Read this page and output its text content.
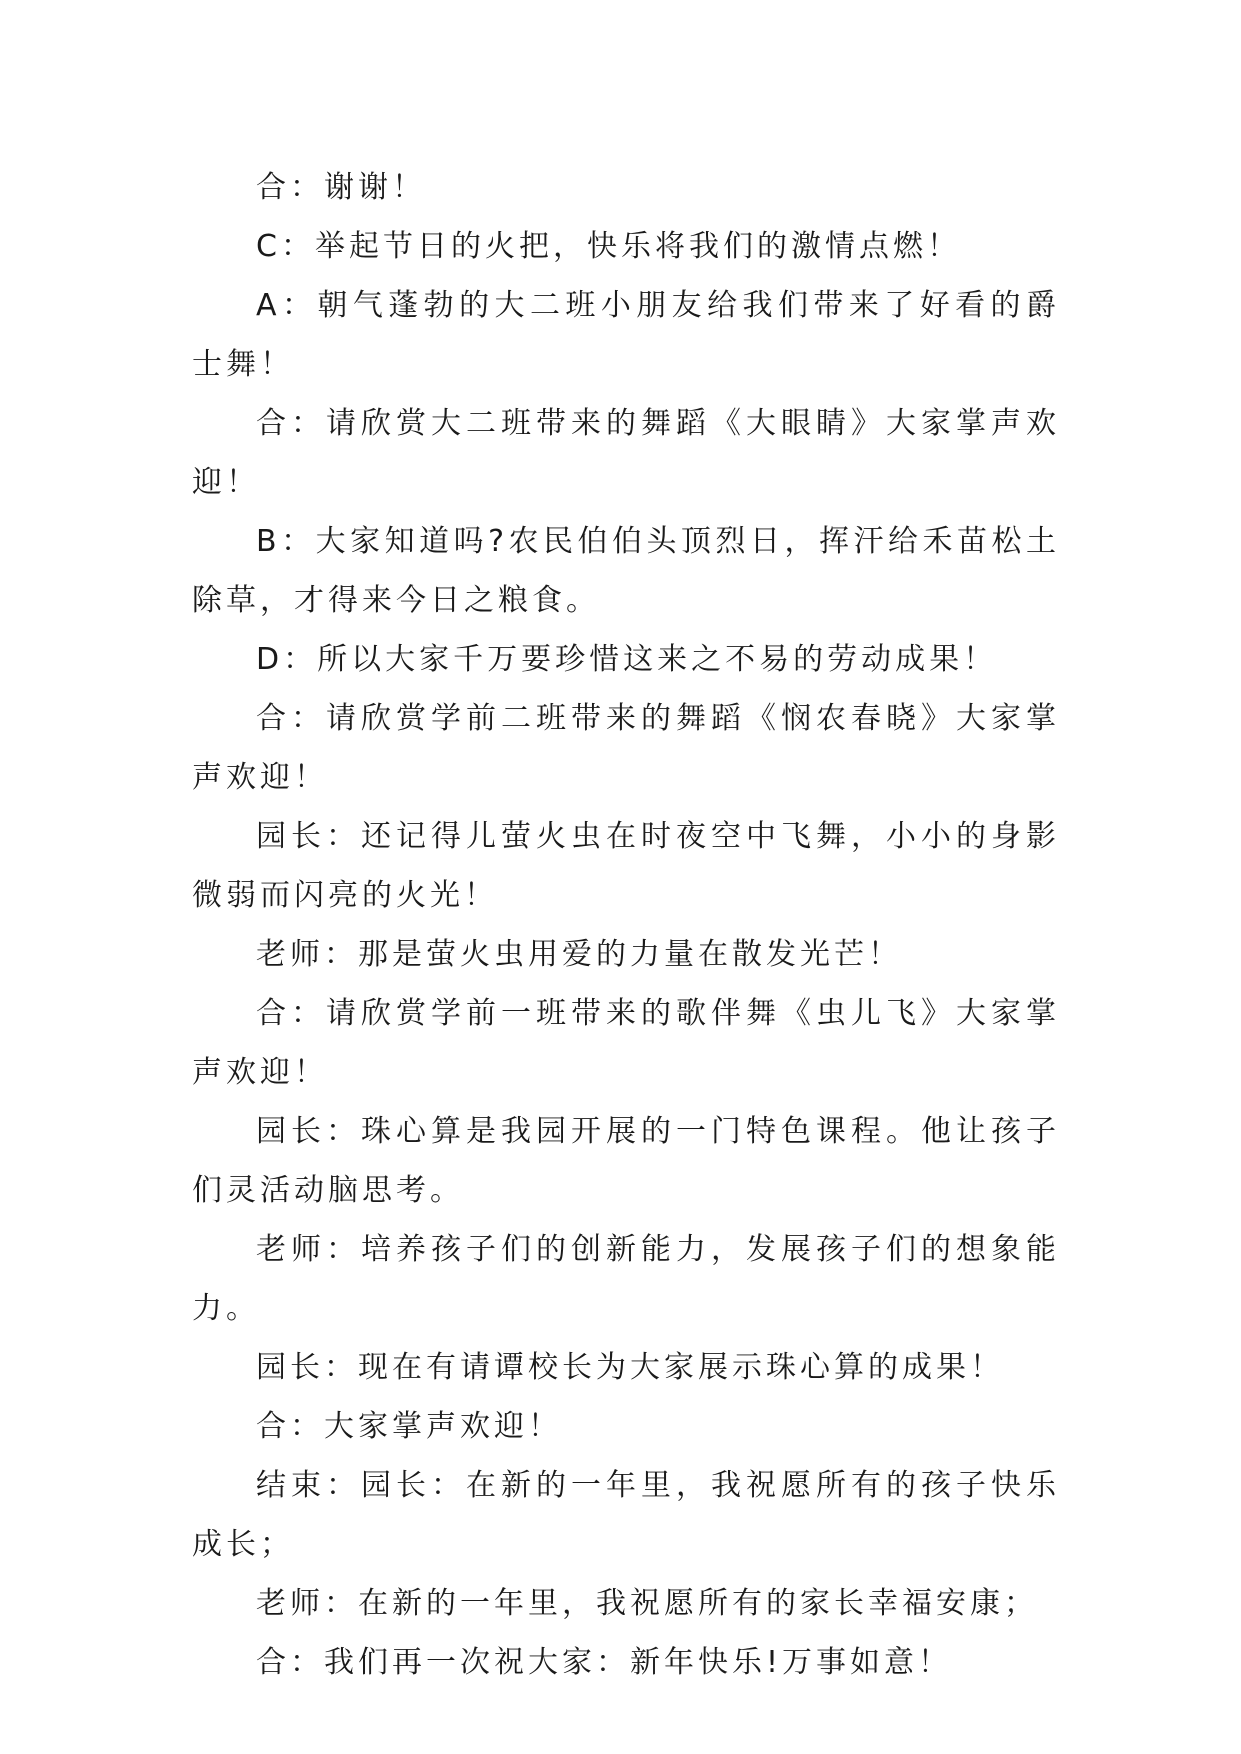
合：谢谢！

C：举起节日的火把，快乐将我们的激情点燃！

A：朝气蓬勃的大二班小朋友给我们带来了好看的爵士舞！

合：请欣赏大二班带来的舞蹈《大眼睛》大家掌声欢迎！

B：大家知道吗?农民伯伯头顶烈日，挥汗给禾苗松土除草，才得来今日之粮食。

D：所以大家千万要珍惜这来之不易的劳动成果！

合：请欣赏学前二班带来的舞蹈《悯农春晓》大家掌声欢迎！

园长：还记得儿萤火虫在时夜空中飞舞，小小的身影微弱而闪亮的火光！

老师：那是萤火虫用爱的力量在散发光芒！

合：请欣赏学前一班带来的歌伴舞《虫儿飞》大家掌声欢迎！

园长：珠心算是我园开展的一门特色课程。他让孩子们灵活动脑思考。

老师：培养孩子们的创新能力，发展孩子们的想象能力。

园长：现在有请谭校长为大家展示珠心算的成果！

合：大家掌声欢迎！

结束：园长：在新的一年里，我祝愿所有的孩子快乐成长；

老师：在新的一年里，我祝愿所有的家长幸福安康；

合：我们再一次祝大家：新年快乐!万事如意！
